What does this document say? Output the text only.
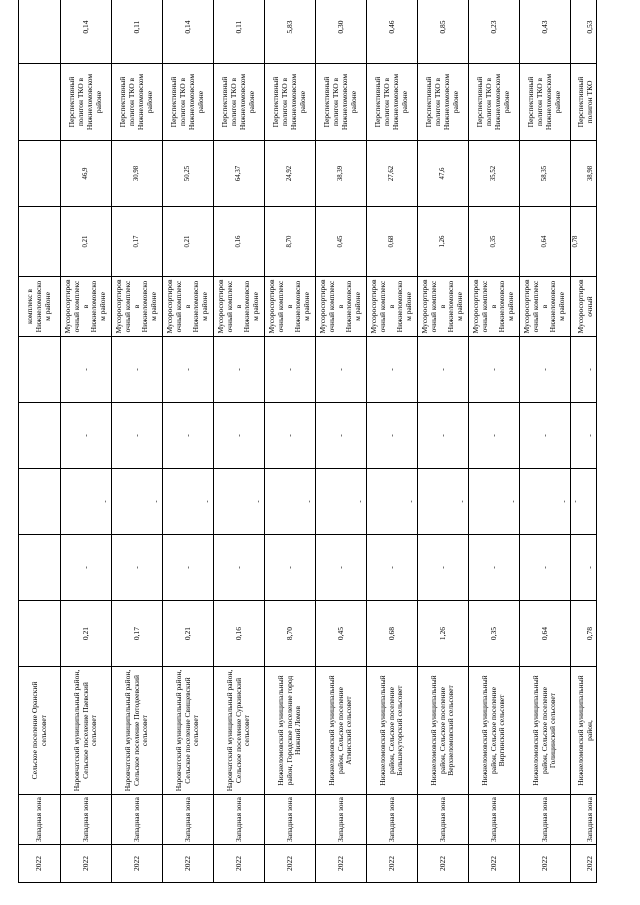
2022	Западная зона	Сельское поселение Оранский сельсовет						комплекс в Нижнеломовском районе					
2022	Западная зона	Наровчатский муниципальный район, Сельское поселение Паевский сельсовет	0,21	-	-	-	-	Мусоросортировочный комплекс в Нижнеломовском районе	0,21	46,9	Перспективный полигон ТКО в Нижнеломовском районе	0,14	
2022	Западная зона	Наровчатский муниципальный район, Сельское поселение Потодеевский сельсовет	0,17	-	-	-	-	Мусоросортировочный комплекс в Нижнеломовском районе	0,17	30,98	Перспективный полигон ТКО в Нижнеломовском районе	0,11	
2022	Западная зона	Наровчатский муниципальный район, Сельское поселение Свищевский сельсовет	0,21	-	-	-	-	Мусоросортировочный комплекс в Нижнеломовском районе	0,21	50,25	Перспективный полигон ТКО в Нижнеломовском районе	0,14	
2022	Западная зона	Наровчатский муниципальный район, Сельское поселение Суркинский сельсовет	0,16	-	-	-	-	Мусоросортировочный комплекс в Нижнеломовском районе	0,16	64,37	Перспективный полигон ТКО в Нижнеломовском районе	0,11	
2022	Западная зона	Нижнеломовский муниципальный район, Городское поселение город Нижний Ломов	8,70	-	-	-	-	Мусоросортировочный комплекс в Нижнеломовском районе	8,70	24,92	Перспективный полигон ТКО в Нижнеломовском районе	5,83	
2022	Западная зона	Нижнеломовский муниципальный район, Сельское поселение Атмисский сельсовет	0,45	-	-	-	-	Мусоросортировочный комплекс в Нижнеломовском районе	0,45	38,39	Перспективный полигон ТКО в Нижнеломовском районе	0,30	
2022	Западная зона	Нижнеломовский муниципальный район, Сельское поселение Большекуторский сельсовет	0,68	-	-	-	-	Мусоросортировочный комплекс в Нижнеломовском районе	0,68	27,62	Перспективный полигон ТКО в Нижнеломовском районе	0,46	
2022	Западная зона	Нижнеломовский муниципальный район, Сельское поселение Верхнеломовский сельсовет	1,26	-	-	-	-	Мусоросортировочный комплекс в Нижнеломовском районе	1,26	47,6	Перспективный полигон ТКО в Нижнеломовском районе	0,85	
2022	Западная зона	Нижнеломовский муниципальный район, Сельское поселение Виргинский сельсовет	0,35	-	-	-	-	Мусоросортировочный комплекс в Нижнеломовском районе	0,35	35,52	Перспективный полигон ТКО в Нижнеломовском районе	0,23	
2022	Западная зона	Нижнеломовский муниципальный район, Сельское поселение Голицинский сельсовет	0,64	-	-	-	-	Мусоросортировочный комплекс в Нижнеломовском районе	0,64	58,35	Перспективный полигон ТКО в Нижнеломовском районе	0,43	
2022	Западная зона	Нижнеломовский муниципальный район,	0,78	-	-	-	-	Мусоросортировочный	0,78	38,98	Перспективный полигон ТКО	0,53	
